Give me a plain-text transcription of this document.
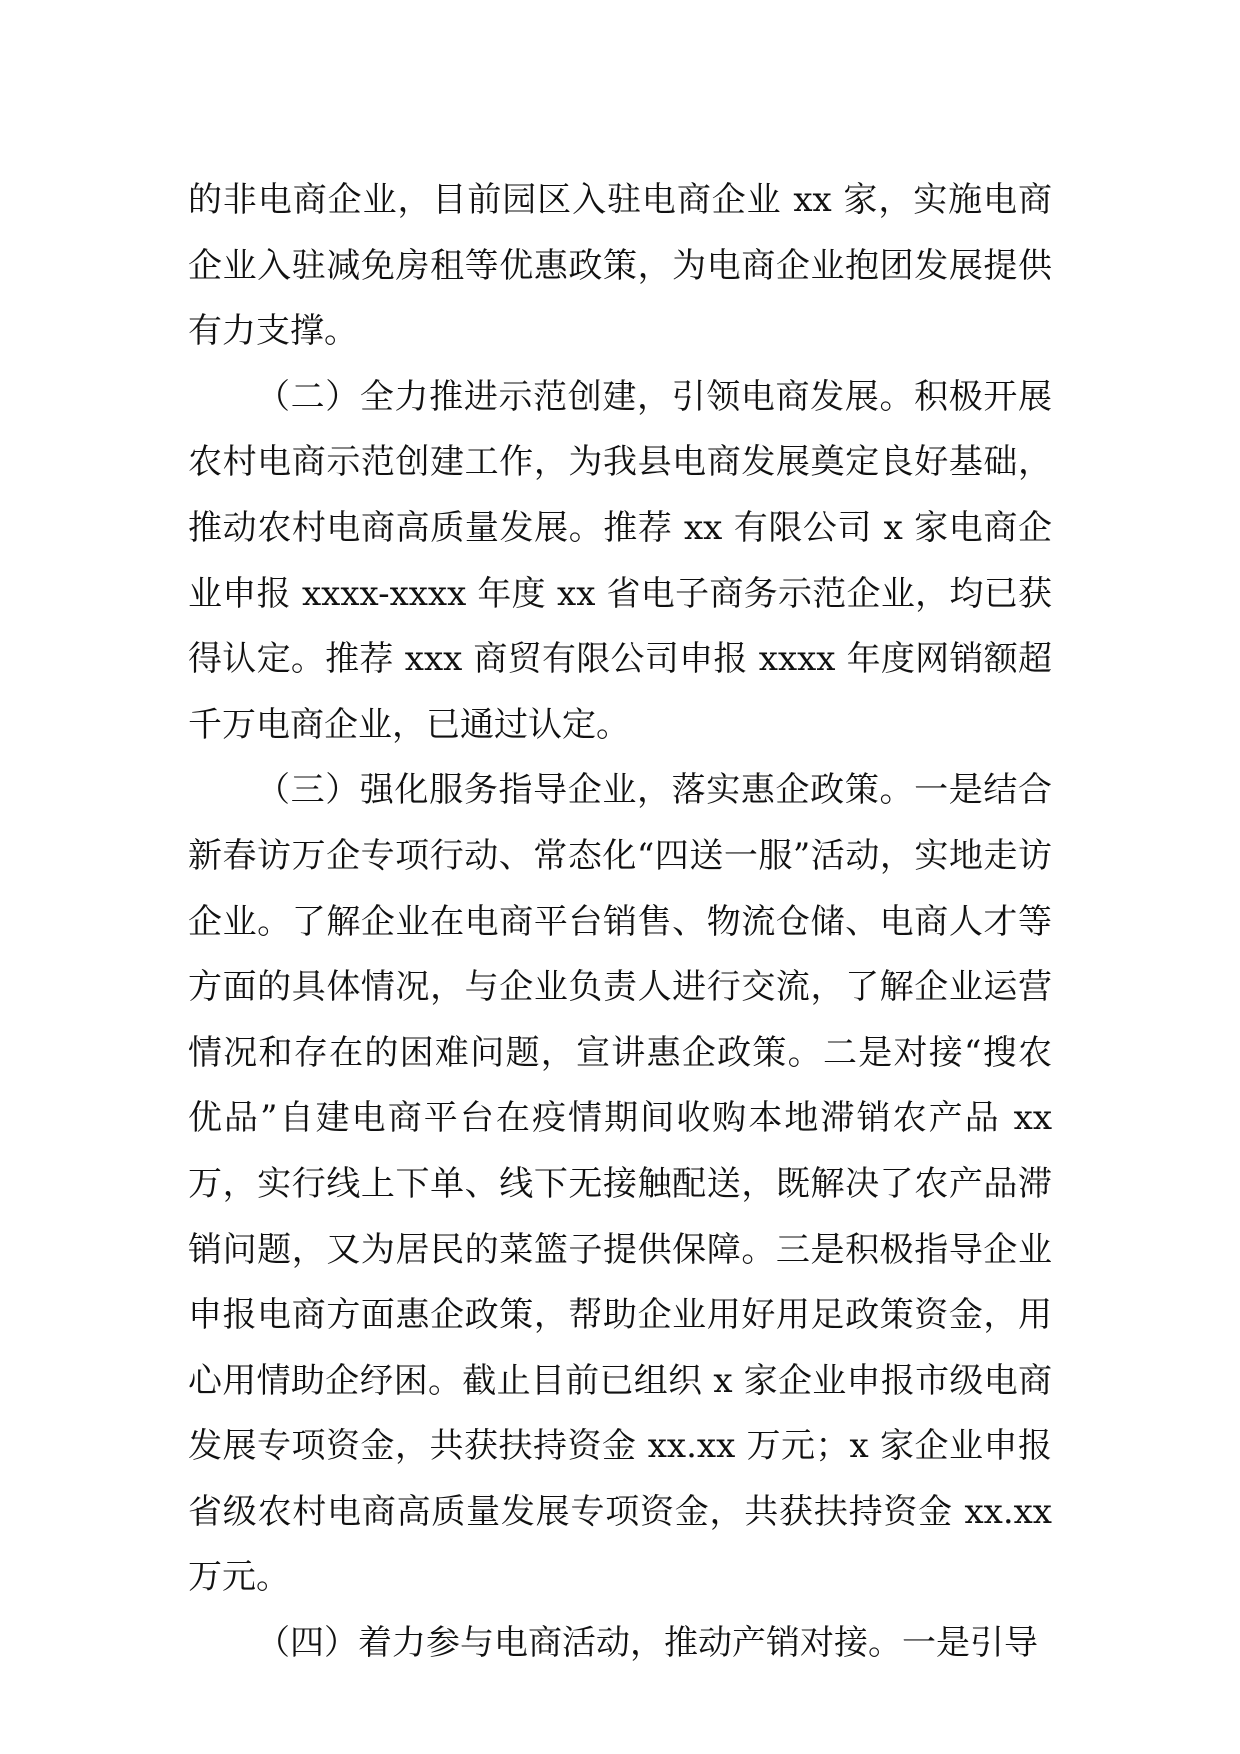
的非电商企业，目前园区入驻电商企业 xx 家，实施电商企业入驻减免房租等优惠政策，为电商企业抱团发展提供有力支撑。

（二）全力推进示范创建，引领电商发展。积极开展农村电商示范创建工作，为我县电商发展奠定良好基础，推动农村电商高质量发展。推荐 xx 有限公司 x 家电商企业申报 xxxx-xxxx 年度 xx 省电子商务示范企业，均已获得认定。推荐 xxx 商贸有限公司申报 xxxx 年度网销额超千万电商企业，已通过认定。

（三）强化服务指导企业，落实惠企政策。一是结合新春访万企专项行动、常态化“四送一服”活动，实地走访企业。了解企业在电商平台销售、物流仓储、电商人才等方面的具体情况，与企业负责人进行交流，了解企业运营情况和存在的困难问题，宣讲惠企政策。二是对接“搜农优品”自建电商平台在疫情期间收购本地滞销农产品 xx 万，实行线上下单、线下无接触配送，既解决了农产品滞销问题，又为居民的菜篮子提供保障。三是积极指导企业申报电商方面惠企政策，帮助企业用好用足政策资金，用心用情助企纾困。截止目前已组织 x 家企业申报市级电商发展专项资金，共获扶持资金 xx.xx 万元；x 家企业申报省级农村电商高质量发展专项资金，共获扶持资金 xx.xx 万元。

（四）着力参与电商活动，推动产销对接。一是引导
